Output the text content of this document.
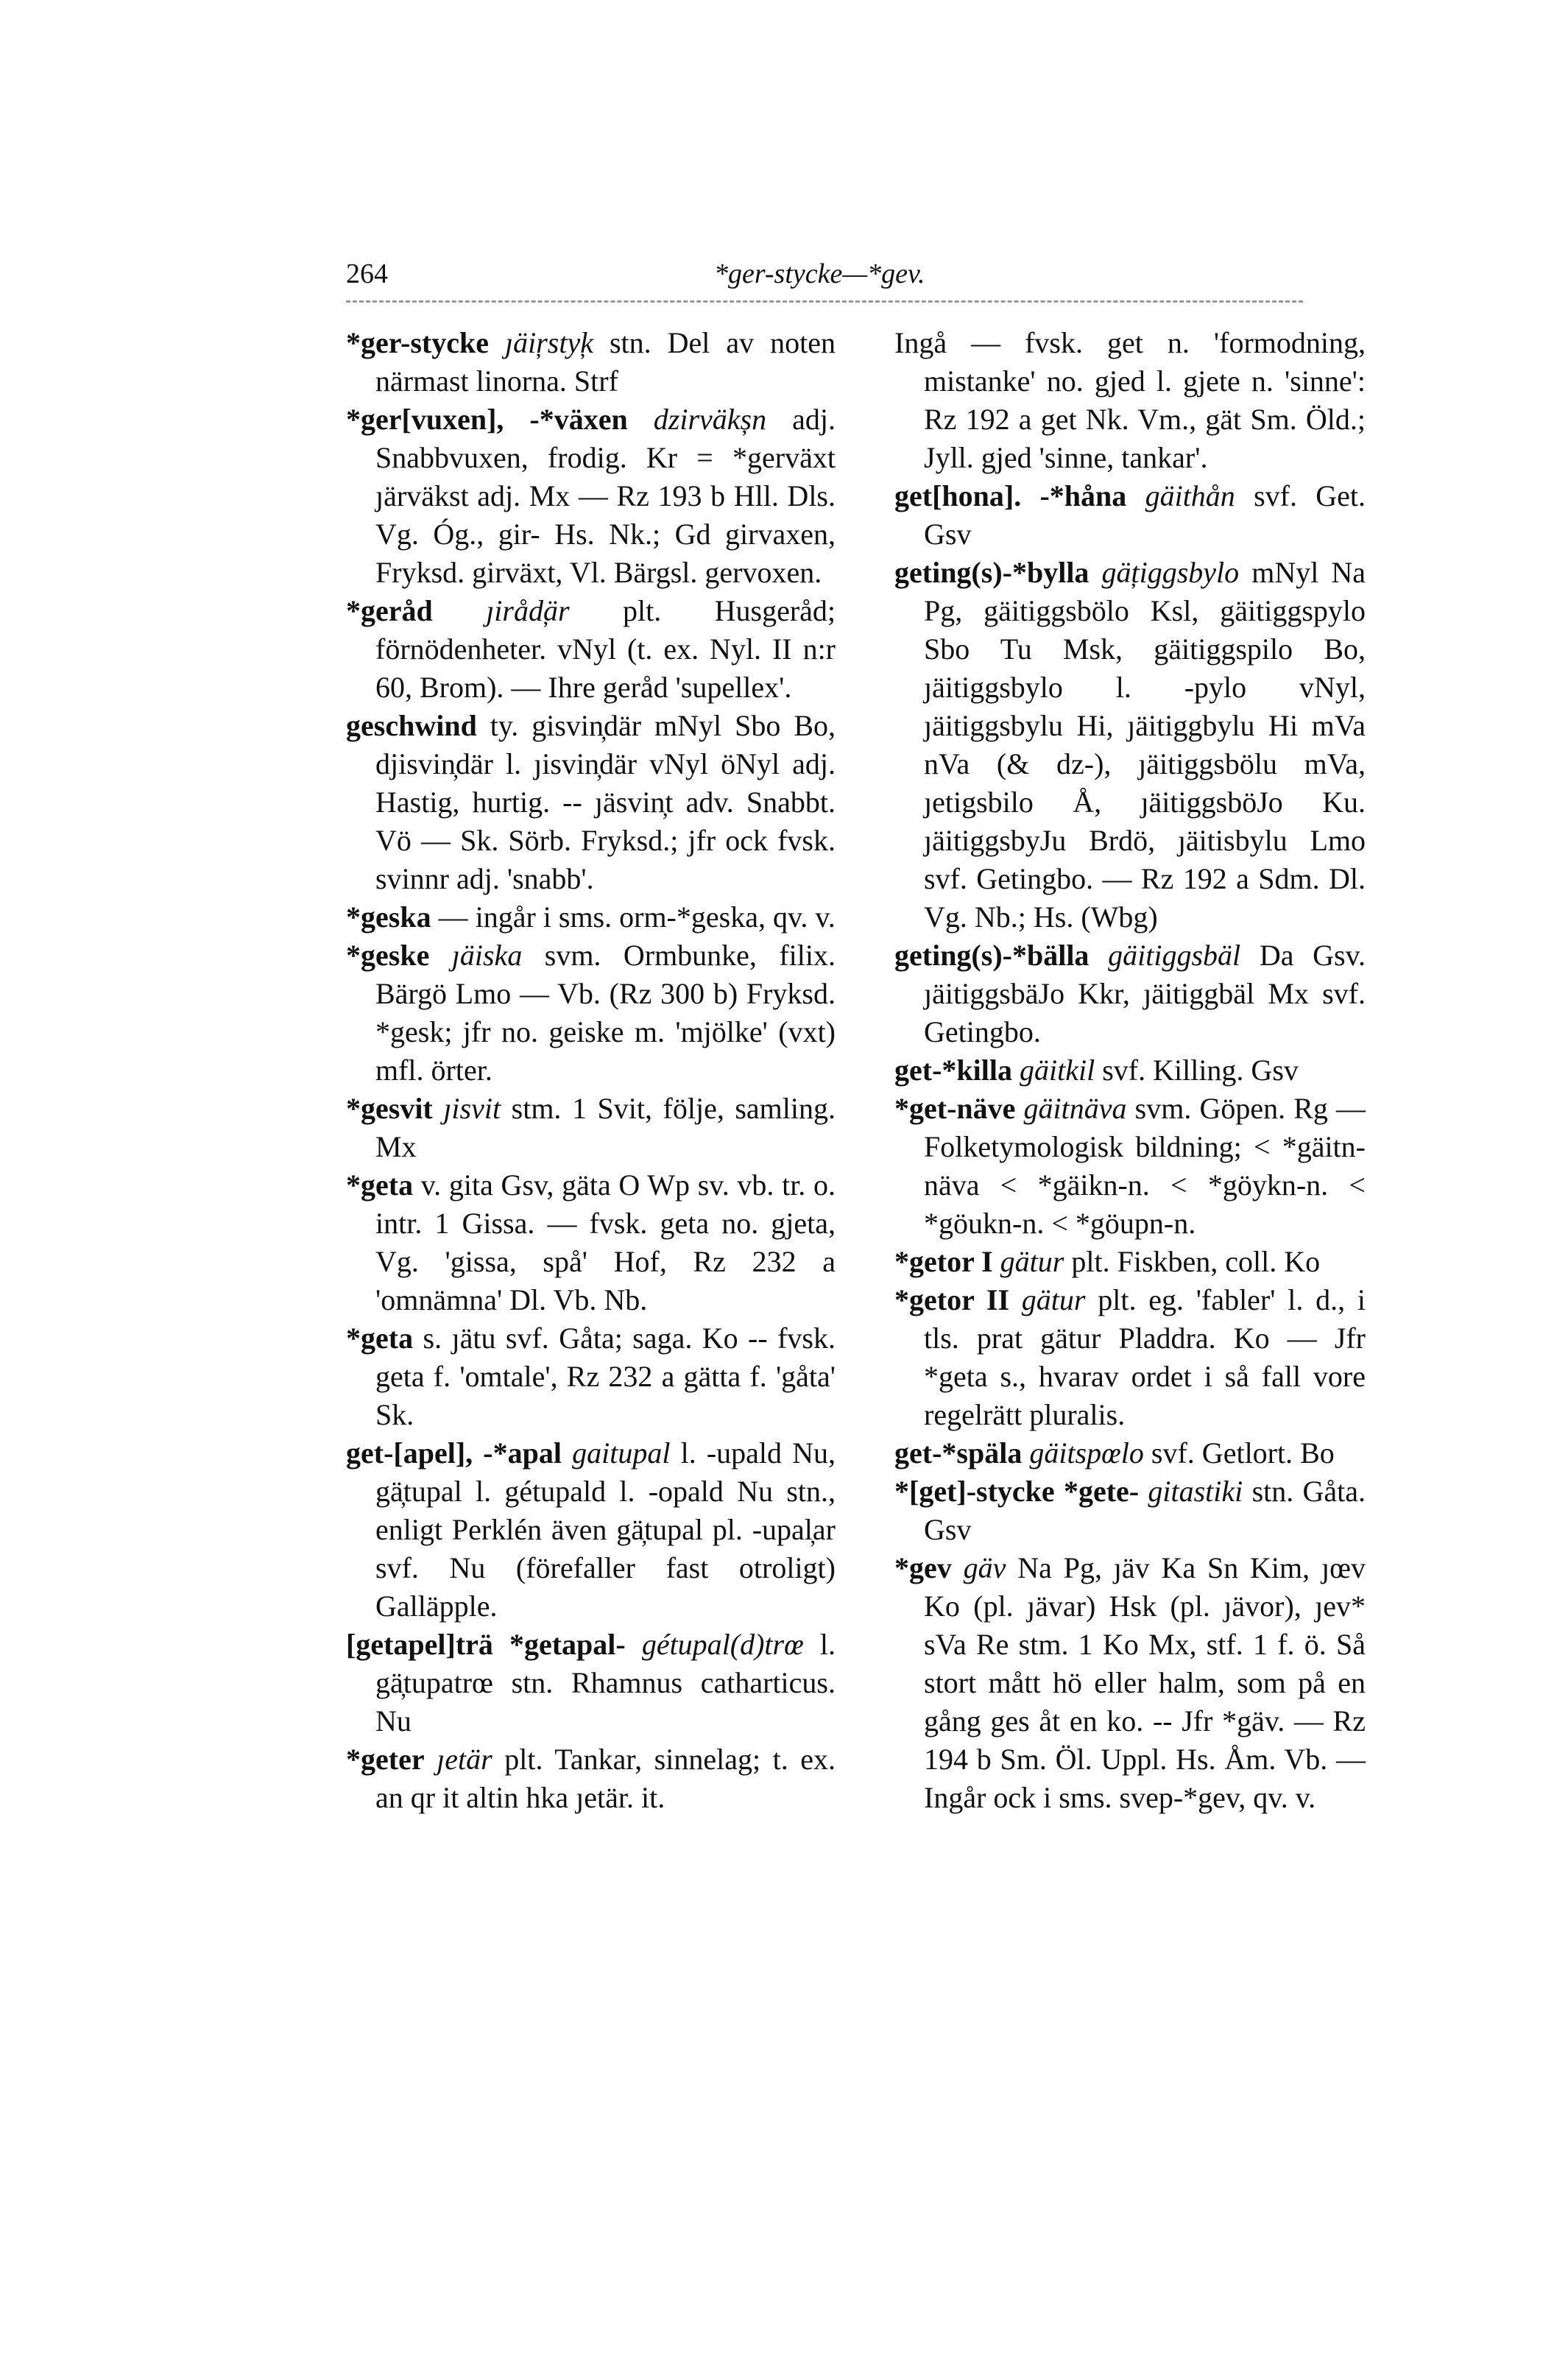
264	*ger-stycke—*gev.
*ger-stycke ȷäi̦rsty̦k stn. Del av noten närmast linorna. Strf
*ger[vuxen], -*växen dzirväkșn adj. Snabbvuxen, frodig. Kr = *gerväxt ȷärväkst adj. Mx — Rz 193 b Hll. Dls. Vg. Óg., gir- Hs. Nk.; Gd girvaxen, Fryksd. girväxt, Vl. Bärgsl. gervoxen.
*geråd ȷiråd̦är plt. Husgeråd; förnödenheter. vNyl (t. ex. Nyl. II n:r 60, Brom). — Ihre geråd 'supellex'.
geschwind ty. gisvin̦där mNyl Sbo Bo, djisvin̦där l. ȷisvin̦där vNyl öNyl adj. Hastig, hurtig. -- ȷäsvin̦t adv. Snabbt. Vö — Sk. Sörb. Fryksd.; jfr ock fvsk. svinnr adj. 'snabb'.
*geska — ingår i sms. orm-*geska, qv. v.
*geske ȷäiska svm. Ormbunke, filix. Bärgö Lmo — Vb. (Rz 300 b) Fryksd. *gesk; jfr no. geiske m. 'mjölke' (vxt) mfl. örter.
*gesvit ȷisvit stm. 1 Svit, följe, samling. Mx
*geta v. gita Gsv, gäta O Wp sv. vb. tr. o. intr. 1 Gissa. — fvsk. geta no. gjeta, Vg. 'gissa, spå' Hof, Rz 232 a 'omnämna' Dl. Vb. Nb.
*geta s. ȷätu svf. Gåta; saga. Ko -- fvsk. geta f. 'omtale', Rz 232 a gätta f. 'gåta' Sk.
get-[apel], -*apal gaitupal l. -upald Nu, gä̦tupal l. gétupald l. -opald Nu stn., enligt Perklén även gä̦tupal pl. -upal̦ar svf. Nu (förefaller fast otroligt) Galläpple.
[getapel]trä *getapal- gétupal(d)trœ l. gä̦tupatrœ stn. Rhamnus catharticus. Nu
*geter ȷetär plt. Tankar, sinnelag; t. ex. an qr it altin hka ȷetär. it.
Ingå — fvsk. get n. 'formodning, mistanke' no. gjed l. gjete n. 'sinne': Rz 192 a get Nk. Vm., gät Sm. Öld.; Jyll. gjed 'sinne, tankar'.
get[hona]. -*håna gäithån svf. Get. Gsv
geting(s)-*bylla gä̦tiggsbylo mNyl Na Pg, gäitiggsbölo Ksl, gäitiggspylo Sbo Tu Msk, gäitiggspilo Bo, ȷäitiggsbylo l. -pylo vNyl, ȷäitiggsbylu Hi, ȷäitiggbylu Hi mVa nVa (& dz-), ȷäitiggsbölu mVa, ȷetigsbilo Å, ȷäitiggsböJo Ku. ȷäitiggsbyJu Brdö, ȷäitisbylu Lmo svf. Getingbo. — Rz 192 a Sdm. Dl. Vg. Nb.; Hs. (Wbg)
geting(s)-*bälla gäitiggsbäl Da Gsv. ȷäitiggsbäJo Kkr, ȷäitiggbäl Mx svf. Getingbo.
get-*killa gäitkil svf. Killing. Gsv
*get-näve gäitnäva svm. Göpen. Rg — Folketymologisk bildning; < *gäitn-näva < *gäikn-n. < *göykn-n. < *göukn-n. < *göupn-n.
*getor I gätur plt. Fiskben, coll. Ko
*getor II gätur plt. eg. 'fabler' l. d., i tls. prat gätur Pladdra. Ko — Jfr *geta s., hvarav ordet i så fall vore regelrätt pluralis.
get-*späla gäitspœlo svf. Getlort. Bo
*[get]-stycke *gete- gitastiki stn. Gåta. Gsv
*gev gäv Na Pg, ȷäv Ka Sn Kim, ȷœv Ko (pl. ȷävar) Hsk (pl. ȷävor), ȷev* sVa Re stm. 1 Ko Mx, stf. 1 f. ö. Så stort mått hö eller halm, som på en gång ges åt en ko. -- Jfr *gäv. — Rz 194 b Sm. Öl. Uppl. Hs. Åm. Vb. — Ingår ock i sms. svep-*gev, qv. v.
